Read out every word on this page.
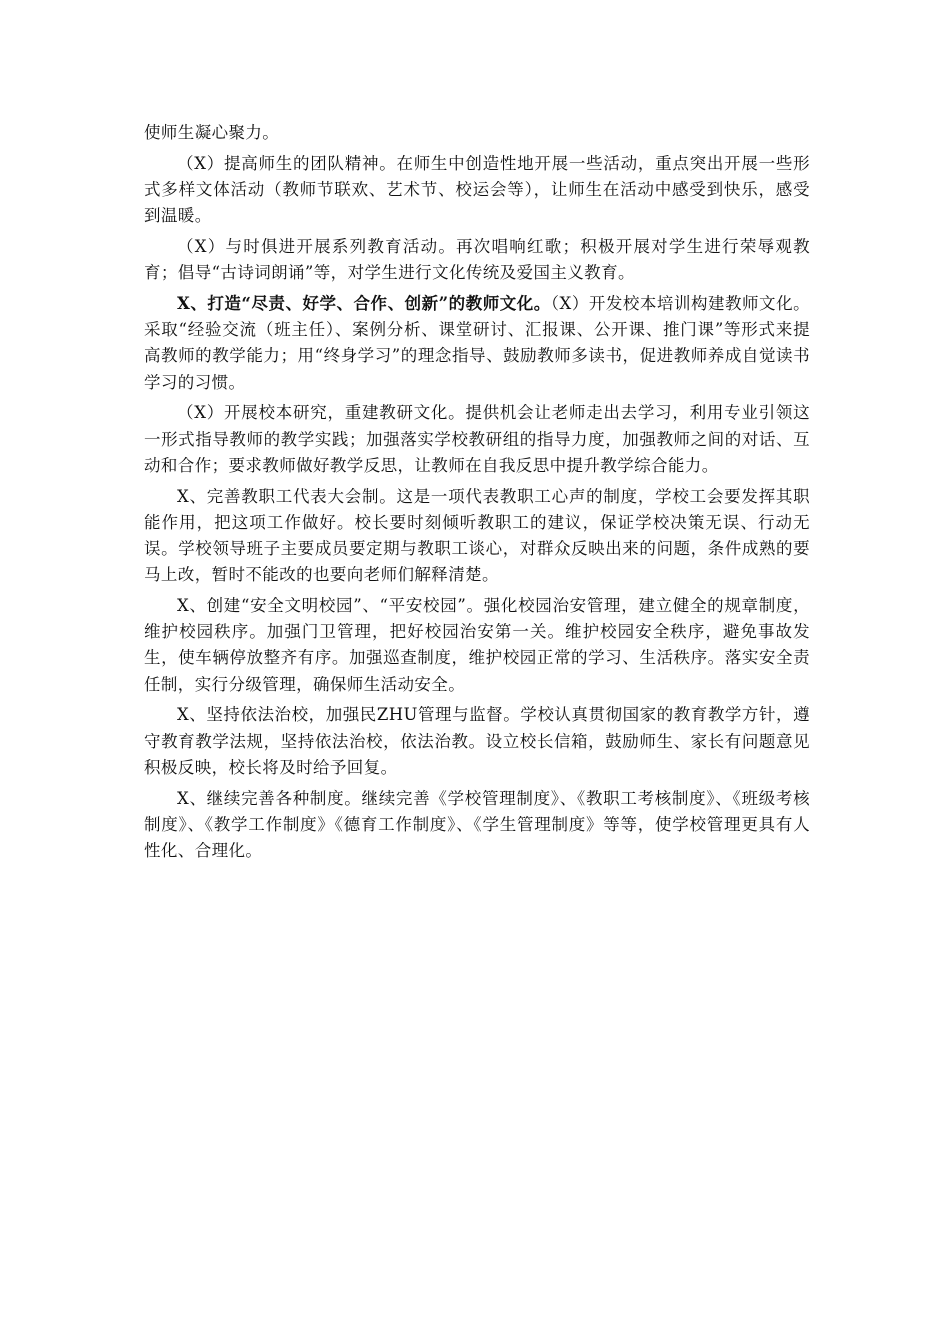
使师生凝心聚力。

（X）提高师生的团队精神。在师生中创造性地开展一些活动，重点突出开展一些形式多样文体活动（教师节联欢、艺术节、校运会等），让师生在活动中感受到快乐，感受到温暖。

（X）与时俱进开展系列教育活动。再次唱响红歌；积极开展对学生进行荣辱观教育；倡导“古诗词朗诵”等，对学生进行文化传统及爱国主义教育。

X、打造“尽责、好学、合作、创新”的教师文化。（X）开发校本培训构建教师文化。采取“经验交流（班主任）、案例分析、课堂研讨、汇报课、公开课、推门课”等形式来提高教师的教学能力；用“终身学习”的理念指导、鼓励教师多读书，促进教师养成自觉读书学习的习惯。

（X）开展校本研究，重建教研文化。提供机会让老师走出去学习，利用专业引领这一形式指导教师的教学实践；加强落实学校教研组的指导力度，加强教师之间的对话、互动和合作；要求教师做好教学反思，让教师在自我反思中提升教学综合能力。

X、完善教职工代表大会制。这是一项代表教职工心声的制度，学校工会要发挥其职能作用，把这项工作做好。校长要时刻倾听教职工的建议，保证学校决策无误、行动无误。学校领导班子主要成员要定期与教职工谈心，对群众反映出来的问题，条件成熟的要马上改，暂时不能改的也要向老师们解释清楚。

X、创建“安全文明校园”、“平安校园”。强化校园治安管理，建立健全的规章制度，维护校园秩序。加强门卫管理，把好校园治安第一关。维护校园安全秩序，避免事故发生，使车辆停放整齐有序。加强巡查制度，维护校园正常的学习、生活秩序。落实安全责任制，实行分级管理，确保师生活动安全。

X、坚持依法治校，加强民ZHU管理与监督。学校认真贯彻国家的教育教学方针，遵守教育教学法规，坚持依法治校，依法治教。设立校长信箱，鼓励师生、家长有问题意见积极反映，校长将及时给予回复。

X、继续完善各种制度。继续完善《学校管理制度》、《教职工考核制度》、《班级考核制度》、《教学工作制度》《德育工作制度》、《学生管理制度》等等，使学校管理更具有人性化、合理化。
